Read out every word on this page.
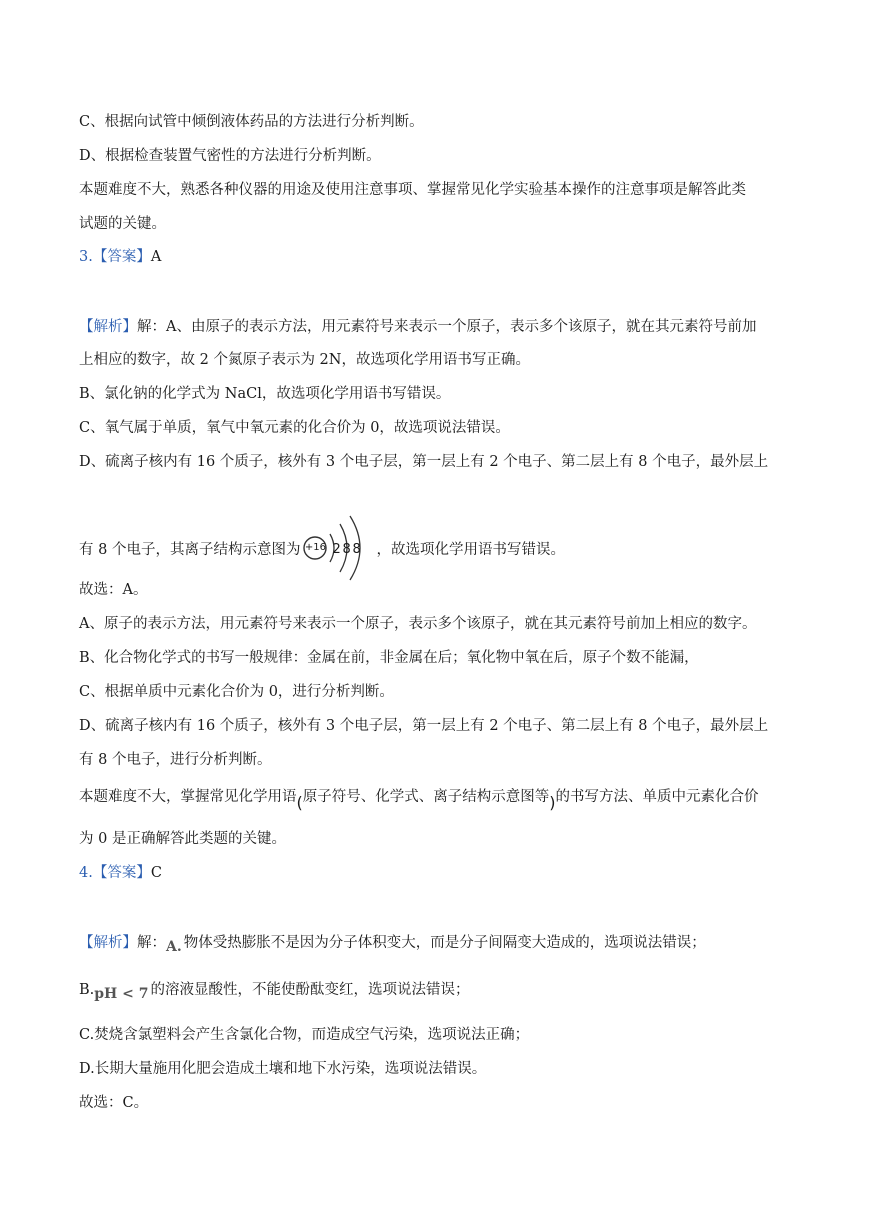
C、根据向试管中倾倒液体药品的方法进行分析判断。
D、根据检查装置气密性的方法进行分析判断。
本题难度不大，熟悉各种仪器的用途及使用注意事项、掌握常见化学实验基本操作的注意事项是解答此类
试题的关键。
3.【答案】A
【解析】解：A、由原子的表示方法，用元素符号来表示一个原子，表示多个该原子，就在其元素符号前加
上相应的数字，故 2 个氮原子表示为 2N，故选项化学用语书写正确。
B、氯化钠的化学式为 NaCl，故选项化学用语书写错误。
C、氧气属于单质，氧气中氧元素的化合价为 0，故选项说法错误。
D、硫离子核内有 16 个质子，核外有 3 个电子层，第一层上有 2 个电子、第二层上有 8 个电子，最外层上
有 8 个电子，其离子结构示意图为 +16 2 8 8 ，故选项化学用语书写错误。
故选：A。
A、原子的表示方法，用元素符号来表示一个原子，表示多个该原子，就在其元素符号前加上相应的数字。
B、化合物化学式的书写一般规律：金属在前，非金属在后；氧化物中氧在后，原子个数不能漏，
C、根据单质中元素化合价为 0，进行分析判断。
D、硫离子核内有 16 个质子，核外有 3 个电子层，第一层上有 2 个电子、第二层上有 8 个电子，最外层上
有 8 个电子，进行分析判断。
本题难度不大，掌握常见化学用语(原子符号、化学式、离子结构示意图等)的书写方法、单质中元素化合价
为 0 是正确解答此类题的关键。
4.【答案】C
【解析】解：A. 物体受热膨胀不是因为分子体积变大，而是分子间隔变大造成的，选项说法错误；
B.pH < 7 的溶液显酸性，不能使酚酞变红，选项说法错误；
C.焚烧含氯塑料会产生含氯化合物，而造成空气污染，选项说法正确；
D.长期大量施用化肥会造成土壤和地下水污染，选项说法错误。
故选：C。
